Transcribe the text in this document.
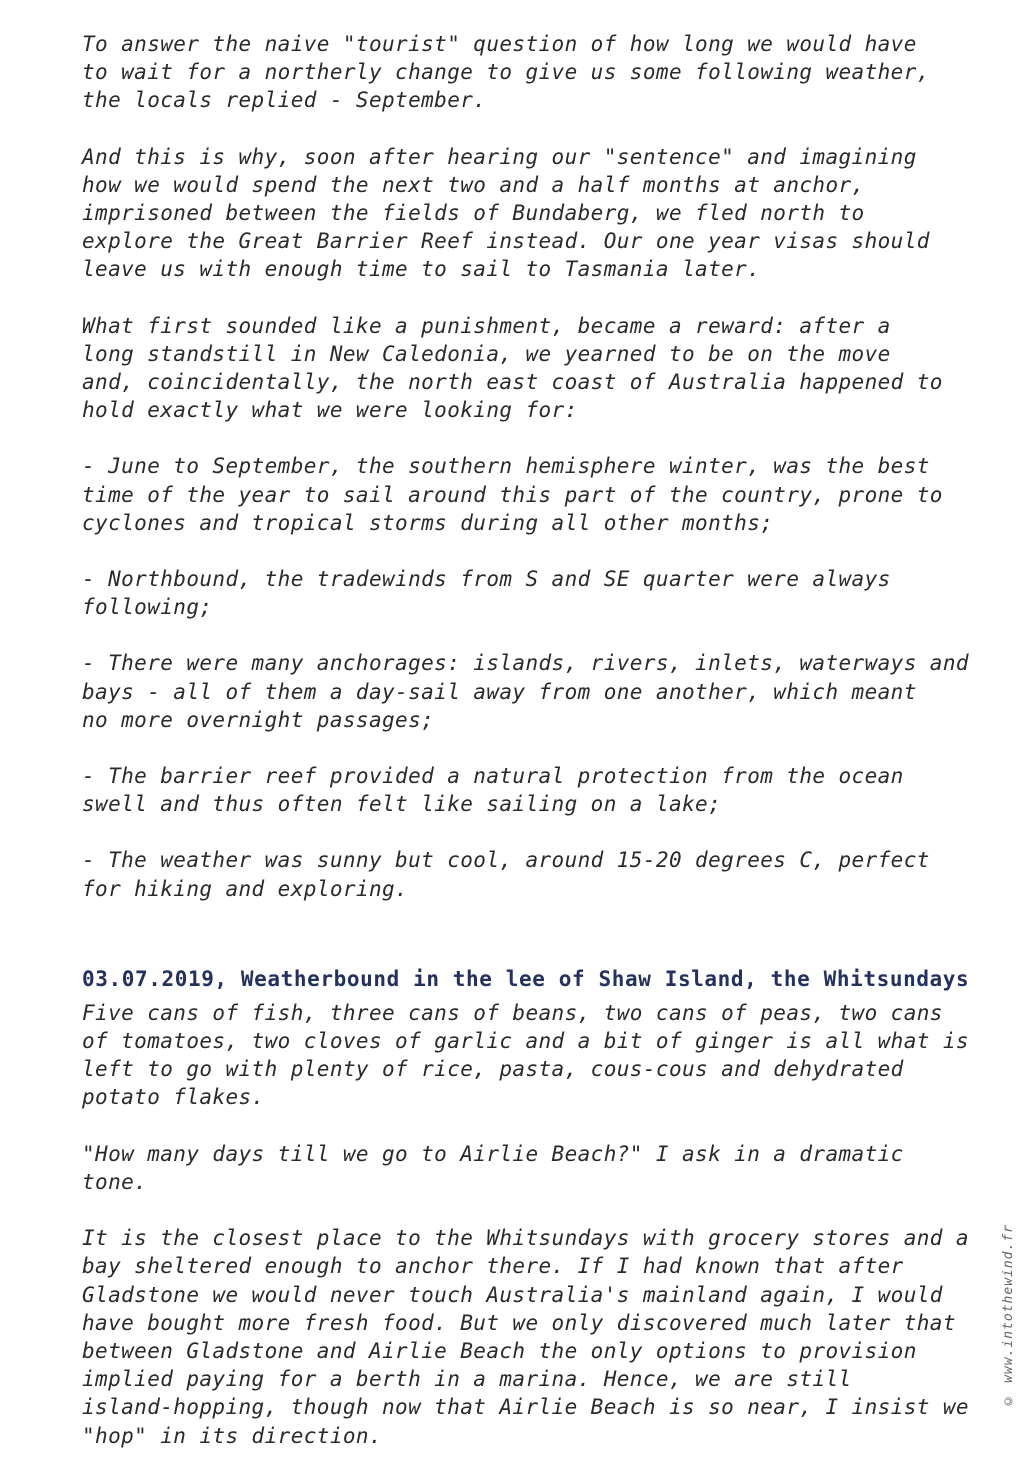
To answer the naive "tourist" question of how long we would have
to wait for a northerly change to give us some following weather,
the locals replied - September.

And this is why, soon after hearing our "sentence" and imagining
how we would spend the next two and a half months at anchor,
imprisoned between the fields of Bundaberg, we fled north to
explore the Great Barrier Reef instead. Our one year visas should
leave us with enough time to sail to Tasmania later.

What first sounded like a punishment, became a reward: after a
long standstill in New Caledonia, we yearned to be on the move
and, coincidentally, the north east coast of Australia happened to
hold exactly what we were looking for:

- June to September, the southern hemisphere winter, was the best
time of the year to sail around this part of the country, prone to
cyclones and tropical storms during all other months;

- Northbound, the tradewinds from S and SE quarter were always
following;

- There were many anchorages: islands, rivers, inlets, waterways and
bays - all of them a day-sail away from one another, which meant
no more overnight passages;

- The barrier reef provided a natural protection from the ocean
swell and thus often felt like sailing on a lake;

- The weather was sunny but cool, around 15-20 degrees C, perfect
for hiking and exploring.

03.07.2019, Weatherbound in the lee of Shaw Island, the Whitsundays

Five cans of fish, three cans of beans, two cans of peas, two cans
of tomatoes, two cloves of garlic and a bit of ginger is all what is
left to go with plenty of rice, pasta, cous-cous and dehydrated
potato flakes.

"How many days till we go to Airlie Beach?" I ask in a dramatic tone.

It is the closest place to the Whitsundays with grocery stores and a
bay sheltered enough to anchor there. If I had known that after
Gladstone we would never touch Australia's mainland again, I would
have bought more fresh food. But we only discovered much later that
between Gladstone and Airlie Beach the only options to provision
implied paying for a berth in a marina. Hence, we are still
island-hopping, though now that Airlie Beach is so near, I insist we
"hop" in its direction.

© www.intothewind.fr
